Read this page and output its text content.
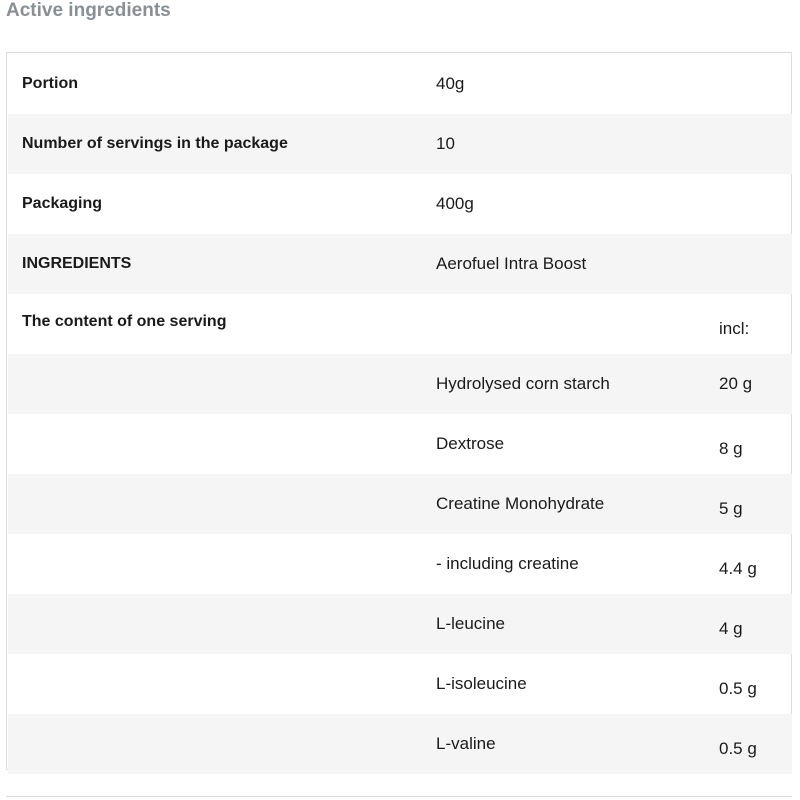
Active ingredients
Portion	40g
Number of servings in the package	10
Packaging	400g
INGREDIENTS	Aerofuel Intra Boost
The content of one serving	incl:
Hydrolysed corn starch	20 g
Dextrose	8 g
Creatine Monohydrate	5 g
- including creatine	4.4 g
L-leucine	4 g
L-isoleucine	0.5 g
L-valine	0.5 g
